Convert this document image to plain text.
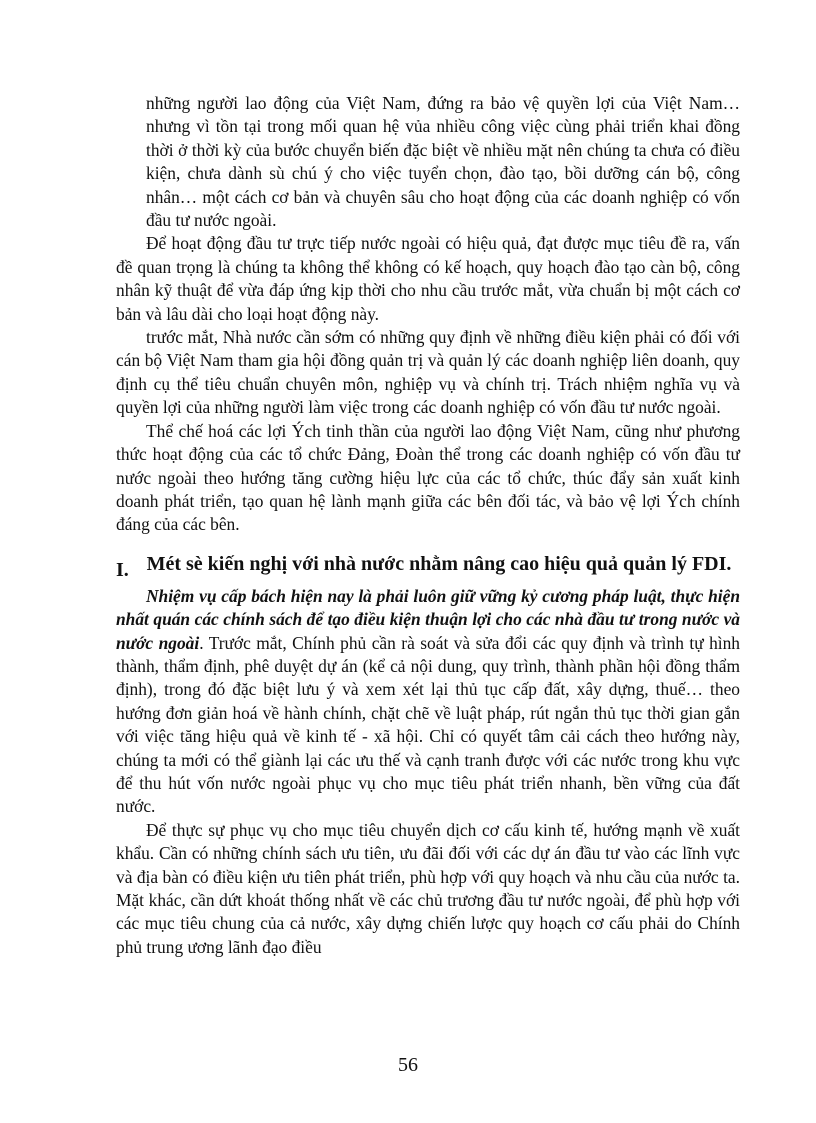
những người lao động của Việt Nam, đứng ra bảo vệ quyền lợi của Việt Nam… nhưng vì tồn tại trong mối quan hệ vủa nhiều công việc cùng phải triển khai đồng thời ở thời kỳ của bước chuyển biến đặc biệt về nhiều mặt nên chúng ta chưa có điều kiện, chưa dành sù chú ý cho việc tuyển chọn, đào tạo, bồi dưỡng cán bộ, công nhân… một cách cơ bản và chuyên sâu cho hoạt động của các doanh nghiệp có vốn đầu tư nước ngoài.

Để hoạt động đầu tư trực tiếp nước ngoài có hiệu quả, đạt được mục tiêu đề ra, vấn đề quan trọng là chúng ta không thể không có kế hoạch, quy hoạch đào tạo càn bộ, công nhân kỹ thuật để vừa đáp ứng kịp thời cho nhu cầu trước mắt, vừa chuẩn bị một cách cơ bản và lâu dài cho loại hoạt động này.

trước mắt, Nhà nước cần sớm có những quy định về những điều kiện phải có đối với cán bộ Việt Nam tham gia hội đồng quản trị và quản lý các doanh nghiệp liên doanh, quy định cụ thể tiêu chuẩn chuyên môn, nghiệp vụ và chính trị. Trách nhiệm nghĩa vụ và quyền lợi của những người làm việc trong các doanh nghiệp có vốn đầu tư nước ngoài.

Thể chế hoá các lợi Ých tinh thần của người lao động Việt Nam, cũng như phương thức hoạt động của các tổ chức Đảng, Đoàn thể trong các doanh nghiệp có vốn đầu tư nước ngoài theo hướng tăng cường hiệu lực của các tổ chức, thúc đẩy sản xuất kinh doanh phát triển, tạo quan hệ lành mạnh giữa các bên đối tác, và bảo vệ lợi Ých chính đáng của các bên.

I. Mét sè kiến nghị với nhà nước nhằm nâng cao hiệu quả quản lý FDI.

Nhiệm vụ cấp bách hiện nay là phải luôn giữ vững kỷ cương pháp luật, thực hiện nhất quán các chính sách để tạo điều kiện thuận lợi cho các nhà đầu tư trong nước và nước ngoài. Trước mắt, Chính phủ cần rà soát và sửa đổi các quy định và trình tự hình thành, thẩm định, phê duyệt dự án (kể cả nội dung, quy trình, thành phần hội đồng thẩm định), trong đó đặc biệt lưu ý và xem xét lại thủ tục cấp đất, xây dựng, thuế… theo hướng đơn giản hoá về hành chính, chặt chẽ về luật pháp, rút ngắn thủ tục thời gian gắn với việc tăng hiệu quả về kinh tế - xã hội. Chỉ có quyết tâm cải cách theo hướng này, chúng ta mới có thể giành lại các ưu thế và cạnh tranh được với các nước trong khu vực để thu hút vốn nước ngoài phục vụ cho mục tiêu phát triển nhanh, bền vững của đất nước.

Để thực sự phục vụ cho mục tiêu chuyển dịch cơ cấu kinh tế, hướng mạnh về xuất khẩu. Cần có những chính sách ưu tiên, ưu đãi đối với các dự án đầu tư vào các lĩnh vực và địa bàn có điều kiện ưu tiên phát triển, phù hợp với quy hoạch và nhu cầu của nước ta. Mặt khác, cần dứt khoát thống nhất về các chủ trương đầu tư nước ngoài, để phù hợp với các mục tiêu chung của cả nước, xây dựng chiến lược quy hoạch cơ cấu phải do Chính phủ trung ương lãnh đạo điều

56
